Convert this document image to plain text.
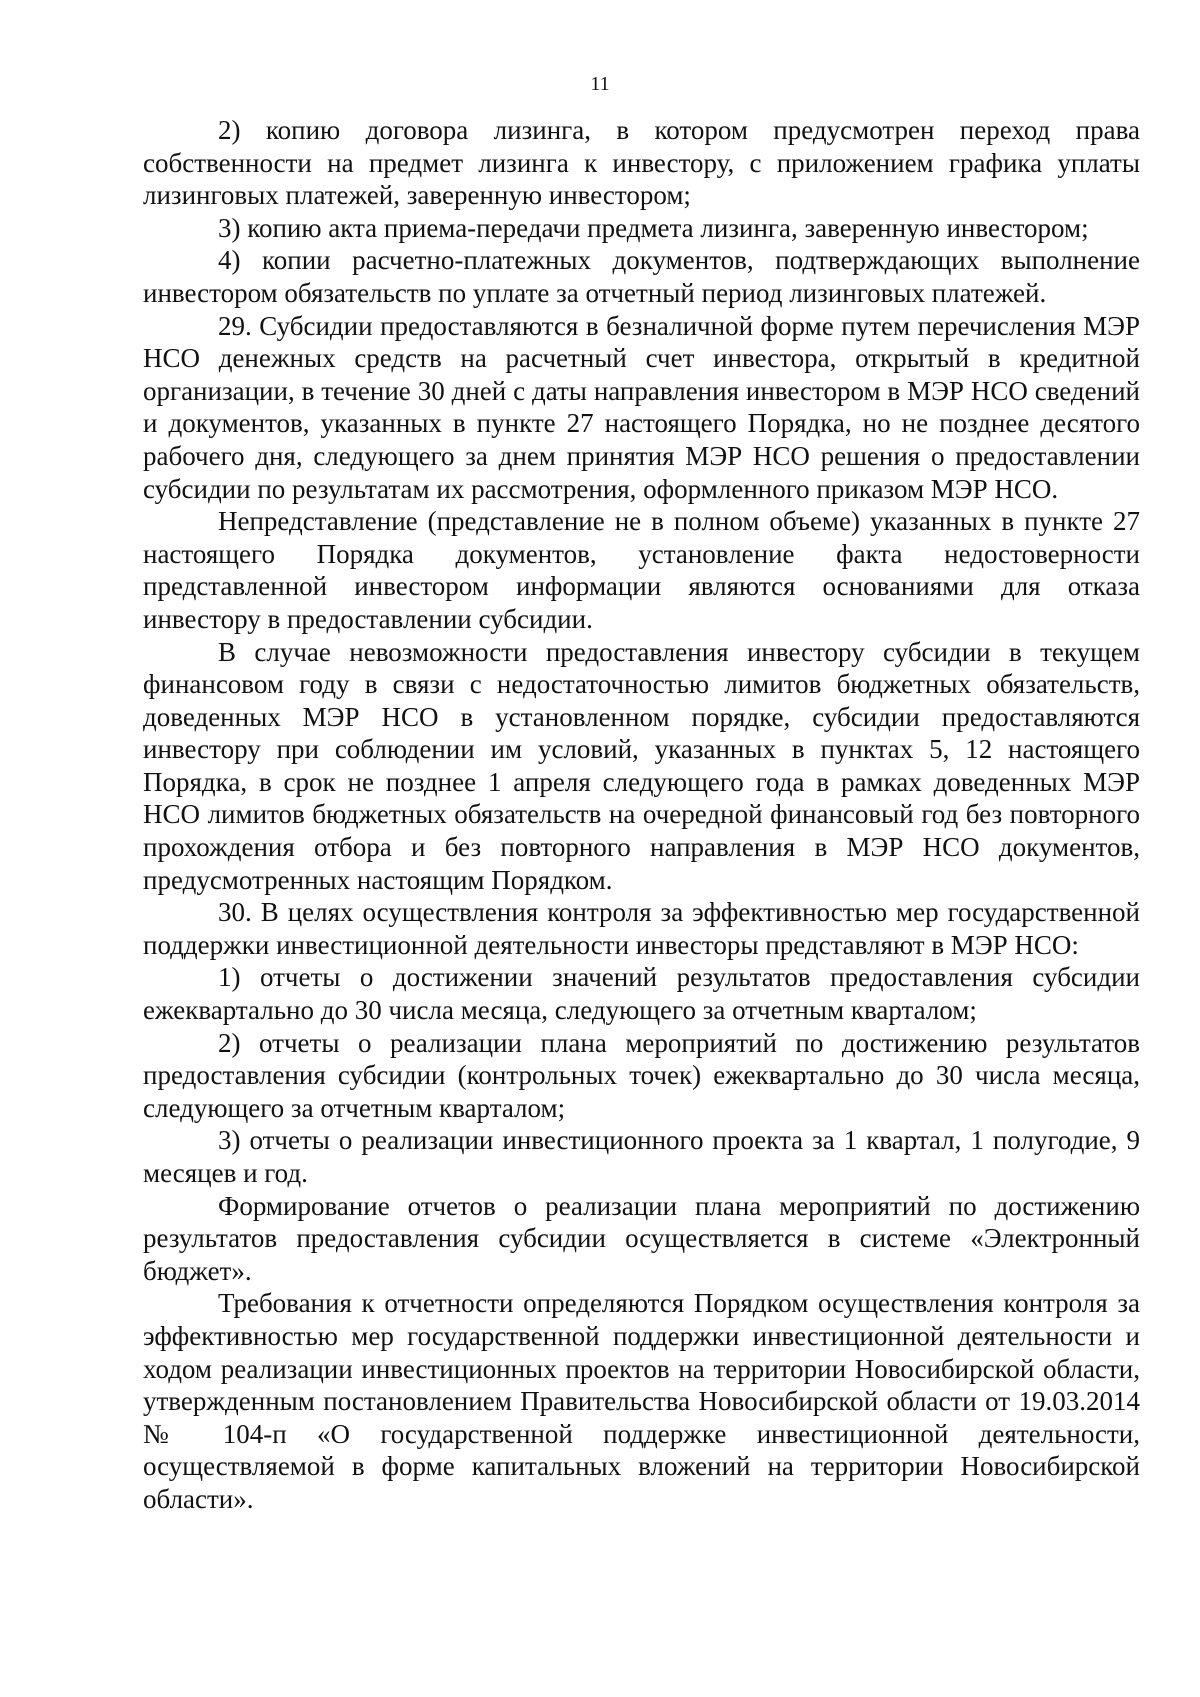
11

2) копию договора лизинга, в котором предусмотрен переход права собственности на предмет лизинга к инвестору, с приложением графика уплаты лизинговых платежей, заверенную инвестором;

3) копию акта приема-передачи предмета лизинга, заверенную инвестором;

4) копии расчетно-платежных документов, подтверждающих выполнение инвестором обязательств по уплате за отчетный период лизинговых платежей.

29. Субсидии предоставляются в безналичной форме путем перечисления МЭР НСО денежных средств на расчетный счет инвестора, открытый в кредитной организации, в течение 30 дней с даты направления инвестором в МЭР НСО сведений и документов, указанных в пункте 27 настоящего Порядка, но не позднее десятого рабочего дня, следующего за днем принятия МЭР НСО решения о предоставлении субсидии по результатам их рассмотрения, оформленного приказом МЭР НСО.

Непредставление (представление не в полном объеме) указанных в пункте 27 настоящего Порядка документов, установление факта недостоверности представленной инвестором информации являются основаниями для отказа инвестору в предоставлении субсидии.

В случае невозможности предоставления инвестору субсидии в текущем финансовом году в связи с недостаточностью лимитов бюджетных обязательств, доведенных МЭР НСО в установленном порядке, субсидии предоставляются инвестору при соблюдении им условий, указанных в пунктах 5, 12 настоящего Порядка, в срок не позднее 1 апреля следующего года в рамках доведенных МЭР НСО лимитов бюджетных обязательств на очередной финансовый год без повторного прохождения отбора и без повторного направления в МЭР НСО документов, предусмотренных настоящим Порядком.

30. В целях осуществления контроля за эффективностью мер государственной поддержки инвестиционной деятельности инвесторы представляют в МЭР НСО:

1) отчеты о достижении значений результатов предоставления субсидии ежеквартально до 30 числа месяца, следующего за отчетным кварталом;

2) отчеты о реализации плана мероприятий по достижению результатов предоставления субсидии (контрольных точек) ежеквартально до 30 числа месяца, следующего за отчетным кварталом;

3) отчеты о реализации инвестиционного проекта за 1 квартал, 1 полугодие, 9 месяцев и год.

Формирование отчетов о реализации плана мероприятий по достижению результатов предоставления субсидии осуществляется в системе «Электронный бюджет».

Требования к отчетности определяются Порядком осуществления контроля за эффективностью мер государственной поддержки инвестиционной деятельности и ходом реализации инвестиционных проектов на территории Новосибирской области, утвержденным постановлением Правительства Новосибирской области от 19.03.2014 № 104-п «О государственной поддержке инвестиционной деятельности, осуществляемой в форме капитальных вложений на территории Новосибирской области».
